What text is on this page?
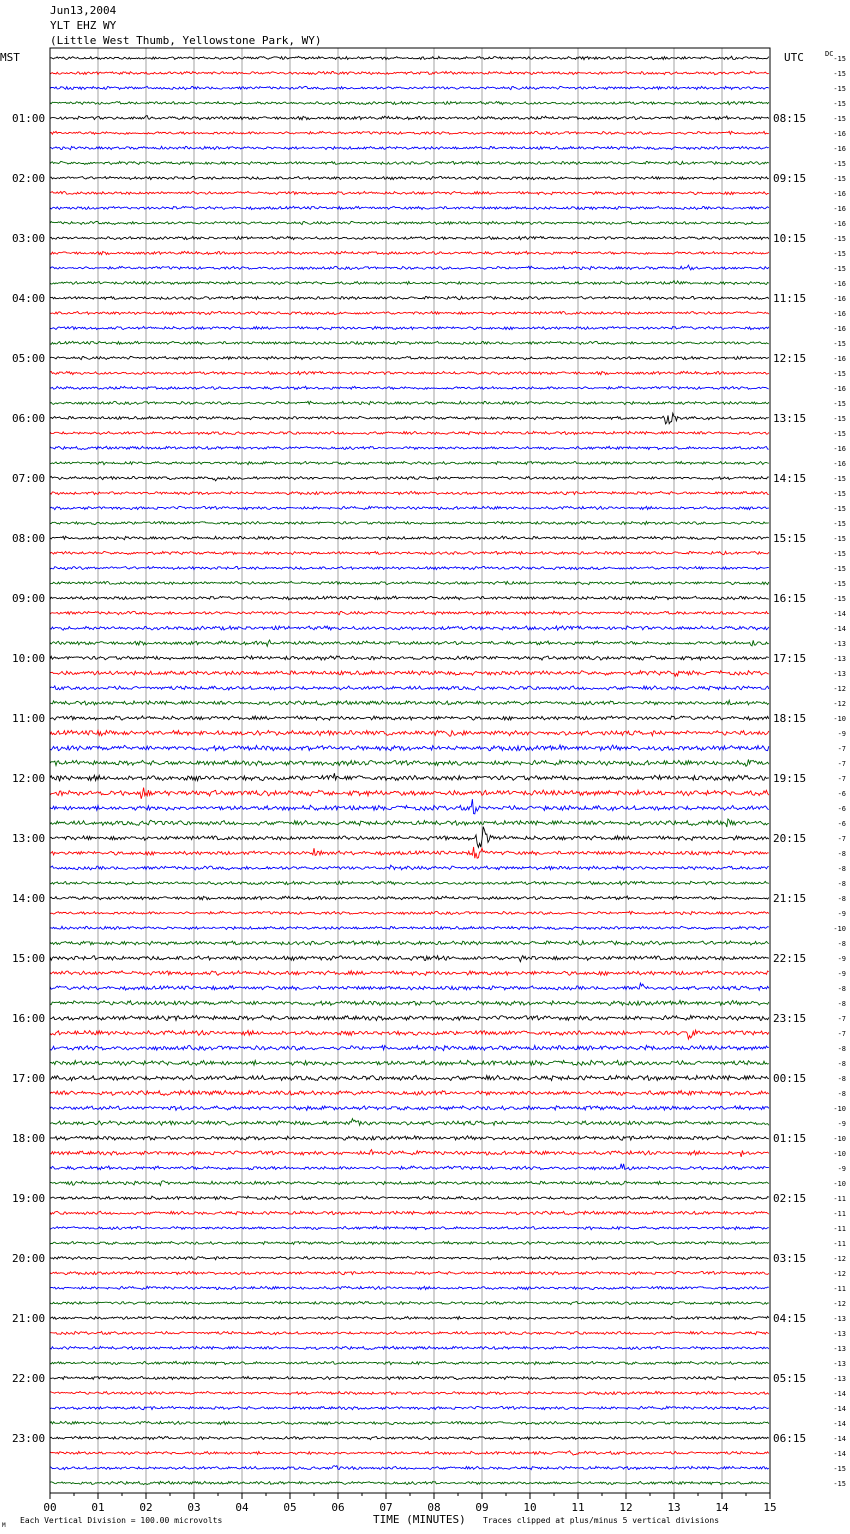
Jun13,2004
YLT EHZ WY
(Little West Thumb, Yellowstone Park, WY)
MST	UTC	DC
01:00
02:00
03:00
04:00
05:00
06:00
07:00
08:00
09:00
10:00
11:00
12:00
13:00
14:00
15:00
16:00
17:00
18:00
19:00
20:00
21:00
22:00
23:00
08:15
09:15
10:15
11:15
12:15
13:15
14:15
15:15
16:15
17:15
18:15
19:15
20:15
21:15
22:15
23:15
00:15
01:15
02:15
03:15
04:15
05:15
06:15
-15
-15
-15
-15
-15
-16
-16
-15
-15
-16
-16
-16
-15
-15
-15
-16
-16
-16
-16
-15
-16
-15
-16
-15
-15
-15
-16
-16
-15
-15
-15
-15
-15
-15
-15
-15
-15
-14
-14
-13
-13
-13
-12
-12
-10
-9
-7
-7
-7
-6
-6
-6
-7
-8
-8
-8
-8
-9
-10
-8
-9
-9
-8
-8
-7
-7
-8
-8
-8
-8
-10
-9
-10
-10
-9
-10
-11
-11
-11
-11
-12
-12
-11
-12
-13
-13
-13
-13
-13
-14
-14
-14
-14
-14
-15
-15
00	01	02	03	04	05	06	07	08	09	10	11	12	13	14	15
TIME (MINUTES)
Each Vertical Division = 100.00 microvolts	Traces clipped at plus/minus 5 vertical divisions
M
